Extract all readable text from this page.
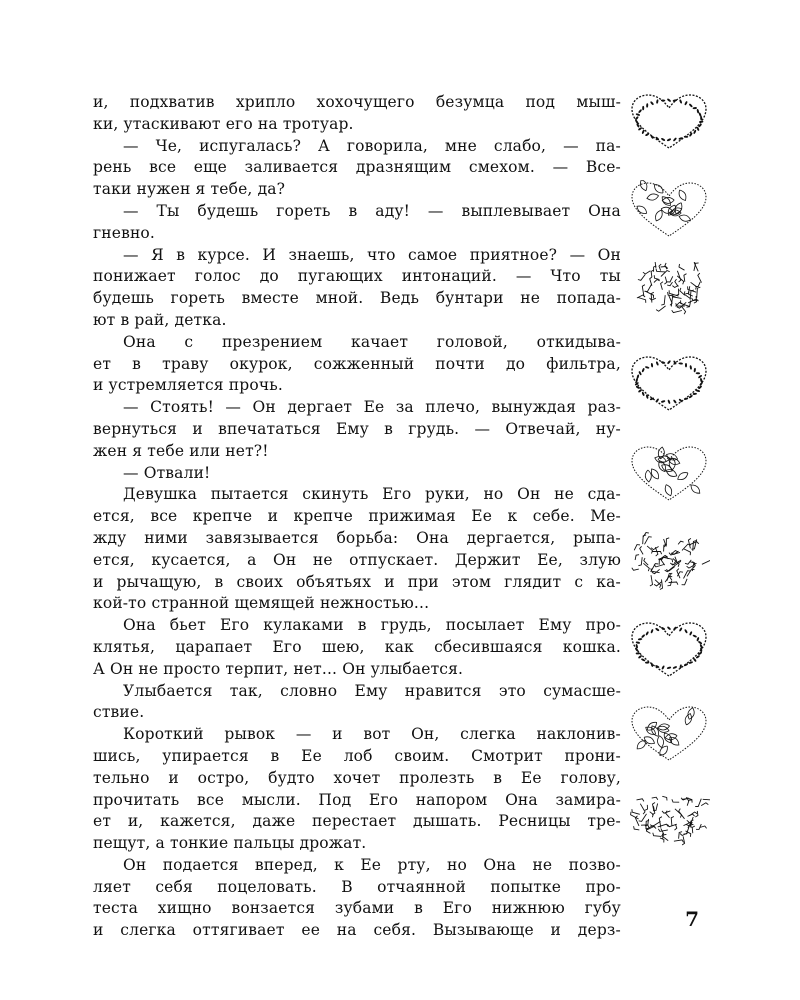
и, подхватив хрипло хохочущего безумца под мыш-
ки, утаскивают его на тротуар.
— Че, испугалась? А говорила, мне слабо, — па-
рень все еще заливается дразнящим смехом. — Все-
таки нужен я тебе, да?
— Ты будешь гореть в аду! — выплевывает Она
гневно.
— Я в курсе. И знаешь, что самое приятное? — Он
понижает голос до пугающих интонаций. — Что ты
будешь гореть вместе мной. Ведь бунтари не попада-
ют в рай, детка.
Она с презрением качает головой, откидыва-
ет в траву окурок, сожженный почти до фильтра,
и устремляется прочь.
— Стоять! — Он дергает Ее за плечо, вынуждая раз-
вернуться и впечататься Ему в грудь. — Отвечай, ну-
жен я тебе или нет?!
— Отвали!
Девушка пытается скинуть Его руки, но Он не сда-
ется, все крепче и крепче прижимая Ее к себе. Ме-
жду ними завязывается борьба: Она дергается, рыпа-
ется, кусается, а Он не отпускает. Держит Ее, злую
и рычащую, в своих объятьях и при этом глядит с ка-
кой-то странной щемящей нежностью...
Она бьет Его кулаками в грудь, посылает Ему про-
клятья, царапает Его шею, как сбесившаяся кошка.
А Он не просто терпит, нет... Он улыбается.
Улыбается так, словно Ему нравится это сумасше-
ствие.
Короткий рывок — и вот Он, слегка наклонив-
шись, упирается в Ее лоб своим. Смотрит прони-
тельно и остро, будто хочет пролезть в Ее голову,
прочитать все мысли. Под Его напором Она замира-
ет и, кажется, даже перестает дышать. Ресницы тре-
пещут, а тонкие пальцы дрожат.
Он подается вперед, к Ее рту, но Она не позво-
ляет себя поцеловать. В отчаянной попытке про-
теста хищно вонзается зубами в Его нижнюю губу
и слегка оттягивает ее на себя. Вызывающе и дерз-	7
